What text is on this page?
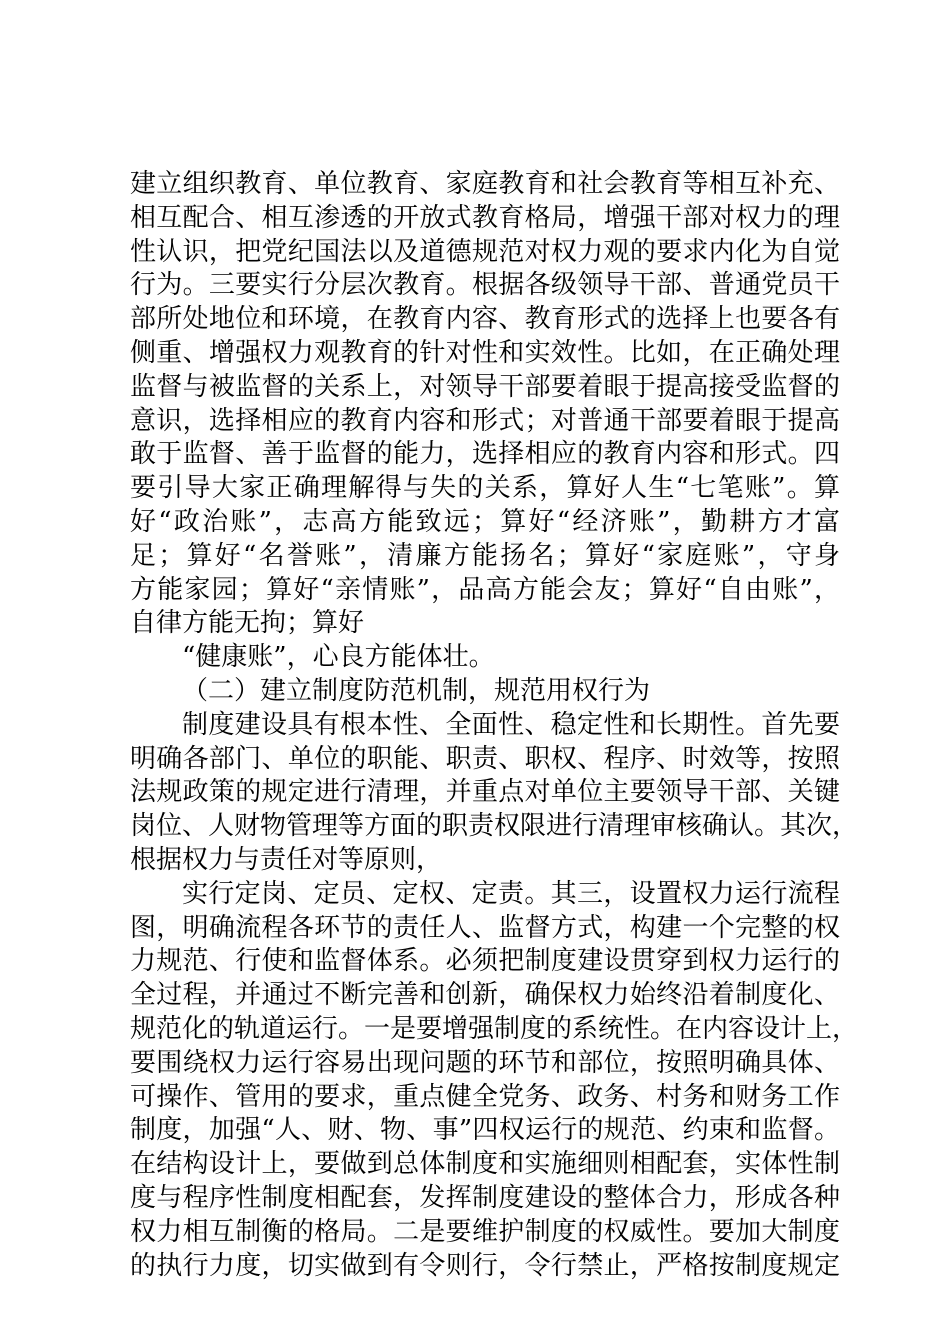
建立组织教育、单位教育、家庭教育和社会教育等相互补充、
相互配合、相互渗透的开放式教育格局，增强干部对权力的理
性认识，把党纪国法以及道德规范对权力观的要求内化为自觉
行为。三要实行分层次教育。根据各级领导干部、普通党员干
部所处地位和环境，在教育内容、教育形式的选择上也要各有
侧重、增强权力观教育的针对性和实效性。比如，在正确处理
监督与被监督的关系上，对领导干部要着眼于提高接受监督的
意识，选择相应的教育内容和形式；对普通干部要着眼于提高
敢于监督、善于监督的能力，选择相应的教育内容和形式。四
要引导大家正确理解得与失的关系，算好人生“七笔账”。算
好“政治账”，志高方能致远；算好“经济账”，勤耕方才富
足；算好“名誉账”，清廉方能扬名；算好“家庭账”，守身
方能家园；算好“亲情账”，品高方能会友；算好“自由账”，
自律方能无拘；算好
“健康账”，心良方能体壮。
（二）建立制度防范机制，规范用权行为
制度建设具有根本性、全面性、稳定性和长期性。首先要
明确各部门、单位的职能、职责、职权、程序、时效等，按照
法规政策的规定进行清理，并重点对单位主要领导干部、关键
岗位、人财物管理等方面的职责权限进行清理审核确认。其次，
根据权力与责任对等原则，
实行定岗、定员、定权、定责。其三，设置权力运行流程
图，明确流程各环节的责任人、监督方式，构建一个完整的权
力规范、行使和监督体系。必须把制度建设贯穿到权力运行的
全过程，并通过不断完善和创新，确保权力始终沿着制度化、
规范化的轨道运行。一是要增强制度的系统性。在内容设计上，
要围绕权力运行容易出现问题的环节和部位，按照明确具体、
可操作、管用的要求，重点健全党务、政务、村务和财务工作
制度，加强“人、财、物、事”四权运行的规范、约束和监督。
在结构设计上，要做到总体制度和实施细则相配套，实体性制
度与程序性制度相配套，发挥制度建设的整体合力，形成各种
权力相互制衡的格局。二是要维护制度的权威性。要加大制度
的执行力度，切实做到有令则行，令行禁止，严格按制度规定
